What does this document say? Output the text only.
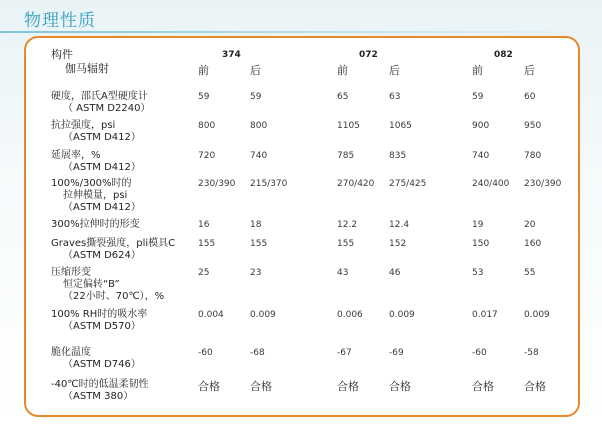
物理性质
构件
伽马辐射
374	072	082
前	后	前	后	前	后
硬度，邵氏A型硬度计
（ ASTM D2240）
59	59	65	63	59	60
抗拉强度，psi
（ASTM D412）
800	800	1105	1065	900	950
延展率，%
（ASTM D412）
720	740	785	835	740	780
100%/300%时的
拉伸模量，psi
（ASTM D412）
230/390 215/370	270/420 275/425	240/400 230/390
300%拉伸时的形变	16	18	12.2	12.4	19	20
Graves撕裂强度，pli模具C
（ASTM D624）
155	155	155	152	150	160
压缩形变
恒定偏转“B”
（22小时、70℃），%
25	23	43	46	53	55
100% RH时的吸水率
（ASTM D570）
0.004	0.009	0.006	0.009	0.017	0.009
脆化温度
（ASTM D746）
-60	-68	-67	-69	-60	-58
-40℃时的低温柔韧性
（ASTM 380）
合格	合格	合格	合格	合格	合格
